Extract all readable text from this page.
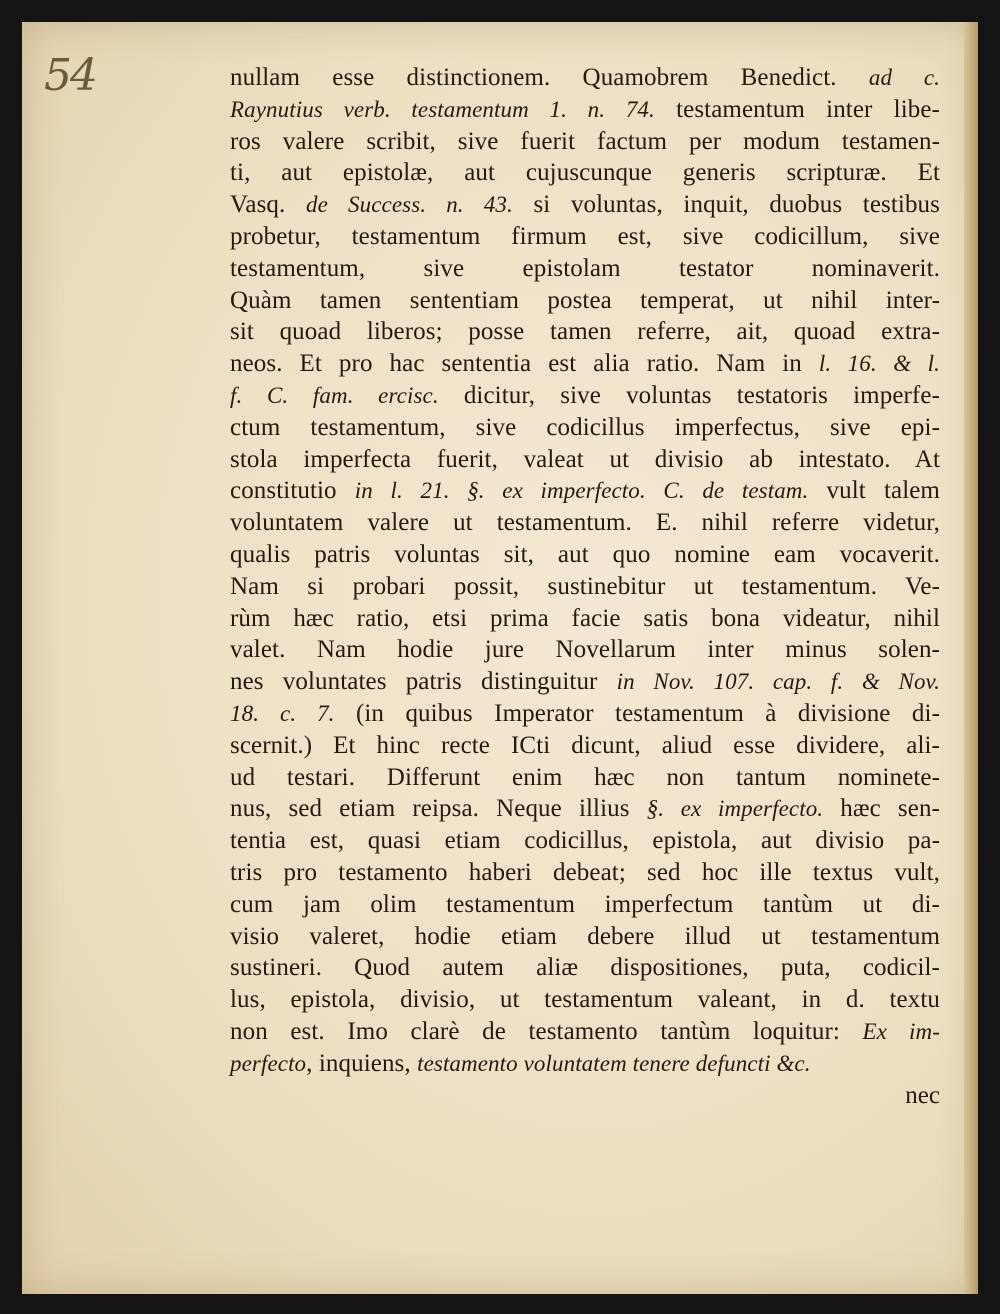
54	nullam esse distinctionem. Quamobrem Benedict. ad c.
Raynutius verb. testamentum 1. n. 74. testamentum inter libe-
ros valere scribit, sive fuerit factum per modum testamen-
ti, aut epistolæ, aut cujuscunque generis scripturæ. Et
Vasq. de Success. n. 43. si voluntas, inquit, duobus testibus
probetur, testamentum firmum est, sive codicillum, sive
testamentum, sive epistolam testator nominaverit.
Quàm tamen sententiam postea temperat, ut nihil inter-
sit quoad liberos; posse tamen referre, ait, quoad extra-
neos. Et pro hac sententia est alia ratio. Nam in l. 16. & l.
f. C. fam. ercisc. dicitur, sive voluntas testatoris imperfe-
ctum testamentum, sive codicillus imperfectus, sive epi-
stola imperfecta fuerit, valeat ut divisio ab intestato. At
constitutio in l. 21. §. ex imperfecto. C. de testam. vult talem
voluntatem valere ut testamentum. E. nihil referre videtur,
qualis patris voluntas sit, aut quo nomine eam vocaverit.
Nam si probari possit, sustinebitur ut testamentum. Ve-
rùm hæc ratio, etsi prima facie satis bona videatur, nihil
valet. Nam hodie jure Novellarum inter minus solen-
nes voluntates patris distinguitur in Nov. 107. cap. f. & Nov.
18. c. 7. (in quibus Imperator testamentum à divisione di-
scernit.) Et hinc recte ICti dicunt, aliud esse dividere, ali-
ud testari. Differunt enim hæc non tantum nominete-
nus, sed etiam reipsa. Neque illius §. ex imperfecto. hæc sen-
tentia est, quasi etiam codicillus, epistola, aut divisio pa-
tris pro testamento haberi debeat; sed hoc ille textus vult,
cum jam olim testamentum imperfectum tantùm ut di-
visio valeret, hodie etiam debere illud ut testamentum
sustineri. Quod autem aliæ dispositiones, puta, codicil-
lus, epistola, divisio, ut testamentum valeant, in d. textu
non est. Imo clarè de testamento tantùm loquitur: Ex im-
perfecto, inquiens, testamento voluntatem tenere defuncti &c.
nec
